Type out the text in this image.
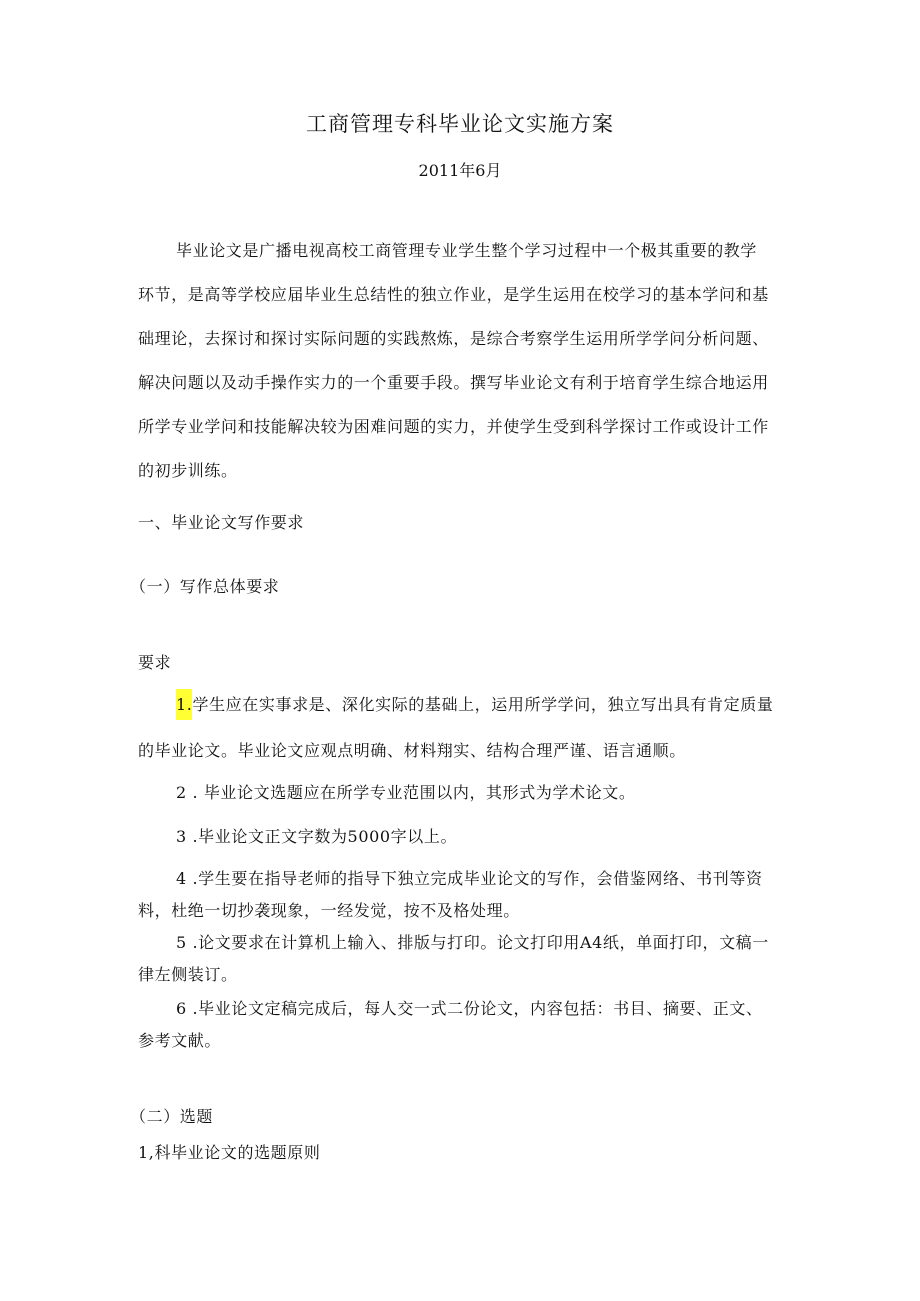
工商管理专科毕业论文实施方案

2011年6月

毕业论文是广播电视高校工商管理专业学生整个学习过程中一个极其重要的教学

环节，是高等学校应届毕业生总结性的独立作业，是学生运用在校学习的基本学问和基

础理论，去探讨和探讨实际问题的实践熬炼，是综合考察学生运用所学学问分析问题、

解决问题以及动手操作实力的一个重要手段。撰写毕业论文有利于培育学生综合地运用

所学专业学问和技能解决较为困难问题的实力，并使学生受到科学探讨工作或设计工作

的初步训练。

一、毕业论文写作要求

（一）写作总体要求

要求

1.学生应在实事求是、深化实际的基础上，运用所学学问，独立写出具有肯定质量

的毕业论文。毕业论文应观点明确、材料翔实、结构合理严谨、语言通顺。

2 . 毕业论文选题应在所学专业范围以内，其形式为学术论文。

3 .毕业论文正文字数为5000字以上。

4 .学生要在指导老师的指导下独立完成毕业论文的写作，会借鉴网络、书刊等资

料，杜绝一切抄袭现象，一经发觉，按不及格处理。

5 .论文要求在计算机上输入、排版与打印。论文打印用A4纸，单面打印，文稿一

律左侧装订。

6 .毕业论文定稿完成后，每人交一式二份论文，内容包括：书目、摘要、正文、

参考文献。

（二）选题

1,科毕业论文的选题原则
